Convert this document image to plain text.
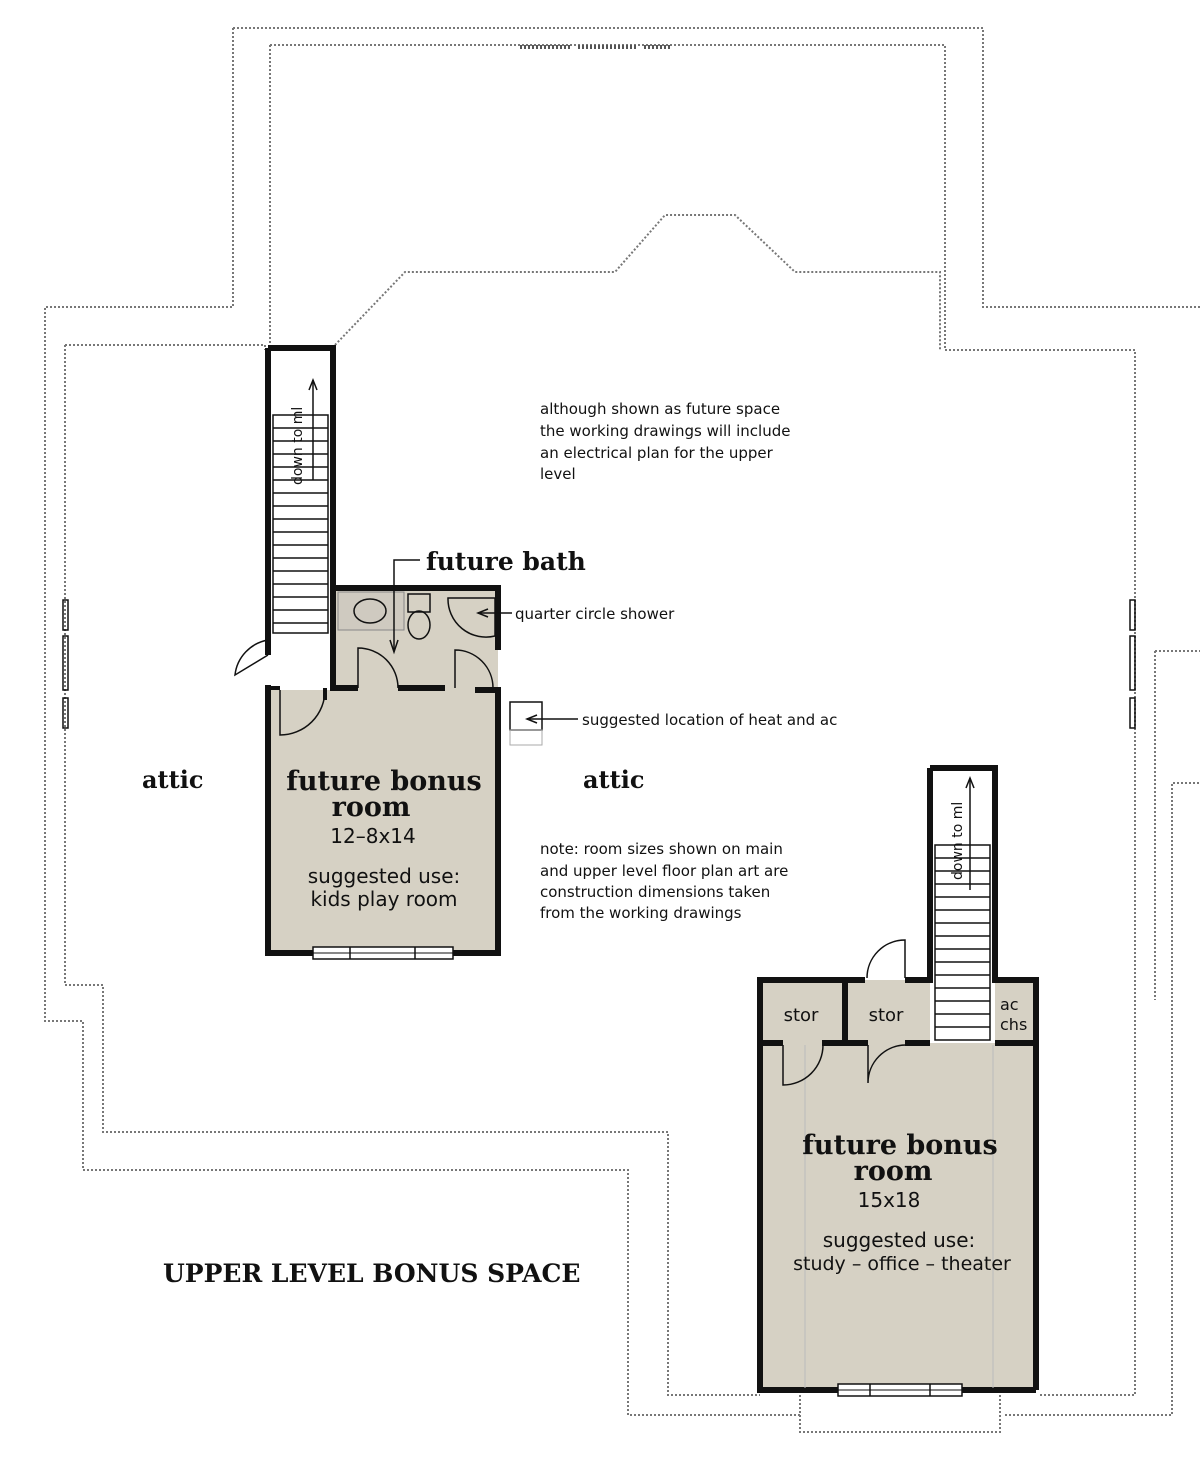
down to ml
down to ml
future bath
quarter circle shower
suggested location of heat and ac
attic	attic
although shown as future space
the working drawings will include
an electrical plan for the upper
level
note: room sizes shown on main
and upper level floor plan art are
construction dimensions taken
from the working drawings
future bonus
room
12–8x14
suggested use:
kids play room
future bonus
room
15x18
suggested use:
study – office – theater
stor	stor
ac
chs
UPPER LEVEL BONUS SPACE
